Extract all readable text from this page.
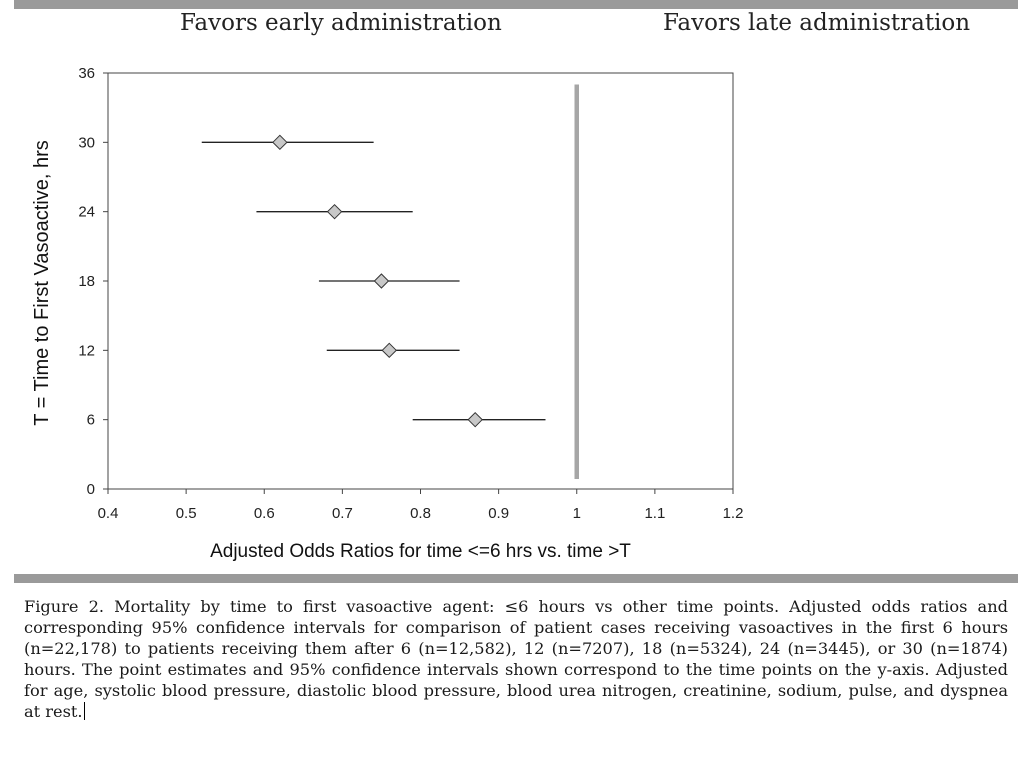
Favors early administration	Favors late administration
0.4	0.5	0.6	0.7	0.8	0.9	1	1.1	1.2
0
6
12
18
24
30
36
Adjusted Odds Ratios for time <=6 hrs vs. time >T
T = Time to First Vasoactive, hrs

Figure 2. Mortality by time to first vasoactive agent: ≤6 hours vs other time points. Adjusted odds ratios and corresponding 95% confidence intervals for comparison of patient cases receiving vasoactives in the first 6 hours (n=22,178) to patients receiving them after 6 (n=12,582), 12 (n=7207), 18 (n=5324), 24 (n=3445), or 30 (n=1874) hours. The point estimates and 95% confidence intervals shown correspond to the time points on the y-axis. Adjusted for age, systolic blood pressure, diastolic blood pressure, blood urea nitrogen, creatinine, sodium, pulse, and dyspnea at rest.
